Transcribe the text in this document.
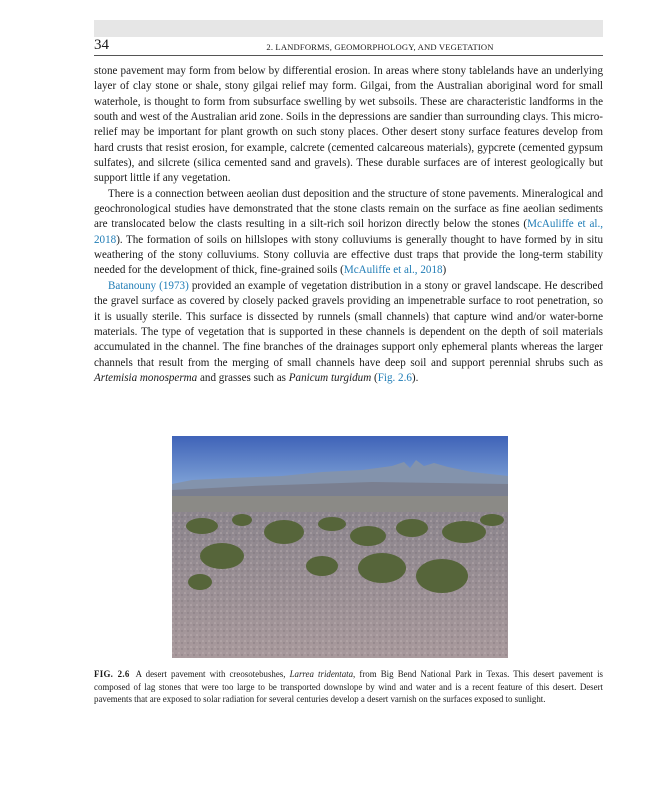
34	2. LANDFORMS, GEOMORPHOLOGY, AND VEGETATION

stone pavement may form from below by differential erosion. In areas where stony tablelands have an underlying layer of clay stone or shale, stony gilgai relief may form. Gilgai, from the Australian aboriginal word for small waterhole, is thought to form from subsurface swelling by wet subsoils. These are characteristic landforms in the south and west of the Australian arid zone. Soils in the depressions are sandier than surrounding clays. This micro-relief may be important for plant growth on such stony places. Other desert stony surface features develop from hard crusts that resist erosion, for example, calcrete (cemented calcareous materials), gypcrete (cemented gypsum sulfates), and silcrete (silica cemented sand and gravels). These durable surfaces are of interest geologically but support little if any vegetation.

There is a connection between aeolian dust deposition and the structure of stone pavements. Mineralogical and geochronological studies have demonstrated that the stone clasts remain on the surface as fine aeolian sediments are translocated below the clasts resulting in a silt-rich soil horizon directly below the stones (McAuliffe et al., 2018). The formation of soils on hillslopes with stony colluviums is generally thought to have formed by in situ weathering of the stony colluviums. Stony colluvia are effective dust traps that provide the long-term stability needed for the development of thick, fine-grained soils (McAuliffe et al., 2018)

Batanouny (1973) provided an example of vegetation distribution in a stony or gravel landscape. He described the gravel surface as covered by closely packed gravels providing an impenetrable surface to root penetration, so it is usually sterile. This surface is dissected by runnels (small channels) that capture wind and/or water-borne materials. The type of vegetation that is supported in these channels is dependent on the depth of soil materials accumulated in the channel. The fine branches of the drainages support only ephemeral plants whereas the larger channels that result from the merging of small channels have deep soil and support perennial shrubs such as Artemisia monosperma and grasses such as Panicum turgidum (Fig. 2.6).

FIG. 2.6 A desert pavement with creosotebushes, Larrea tridentata, from Big Bend National Park in Texas. This desert pavement is composed of lag stones that were too large to be transported downslope by wind and water and is a recent feature of this desert. Desert pavements that are exposed to solar radiation for several centuries develop a desert varnish on the surfaces exposed to sunlight.
